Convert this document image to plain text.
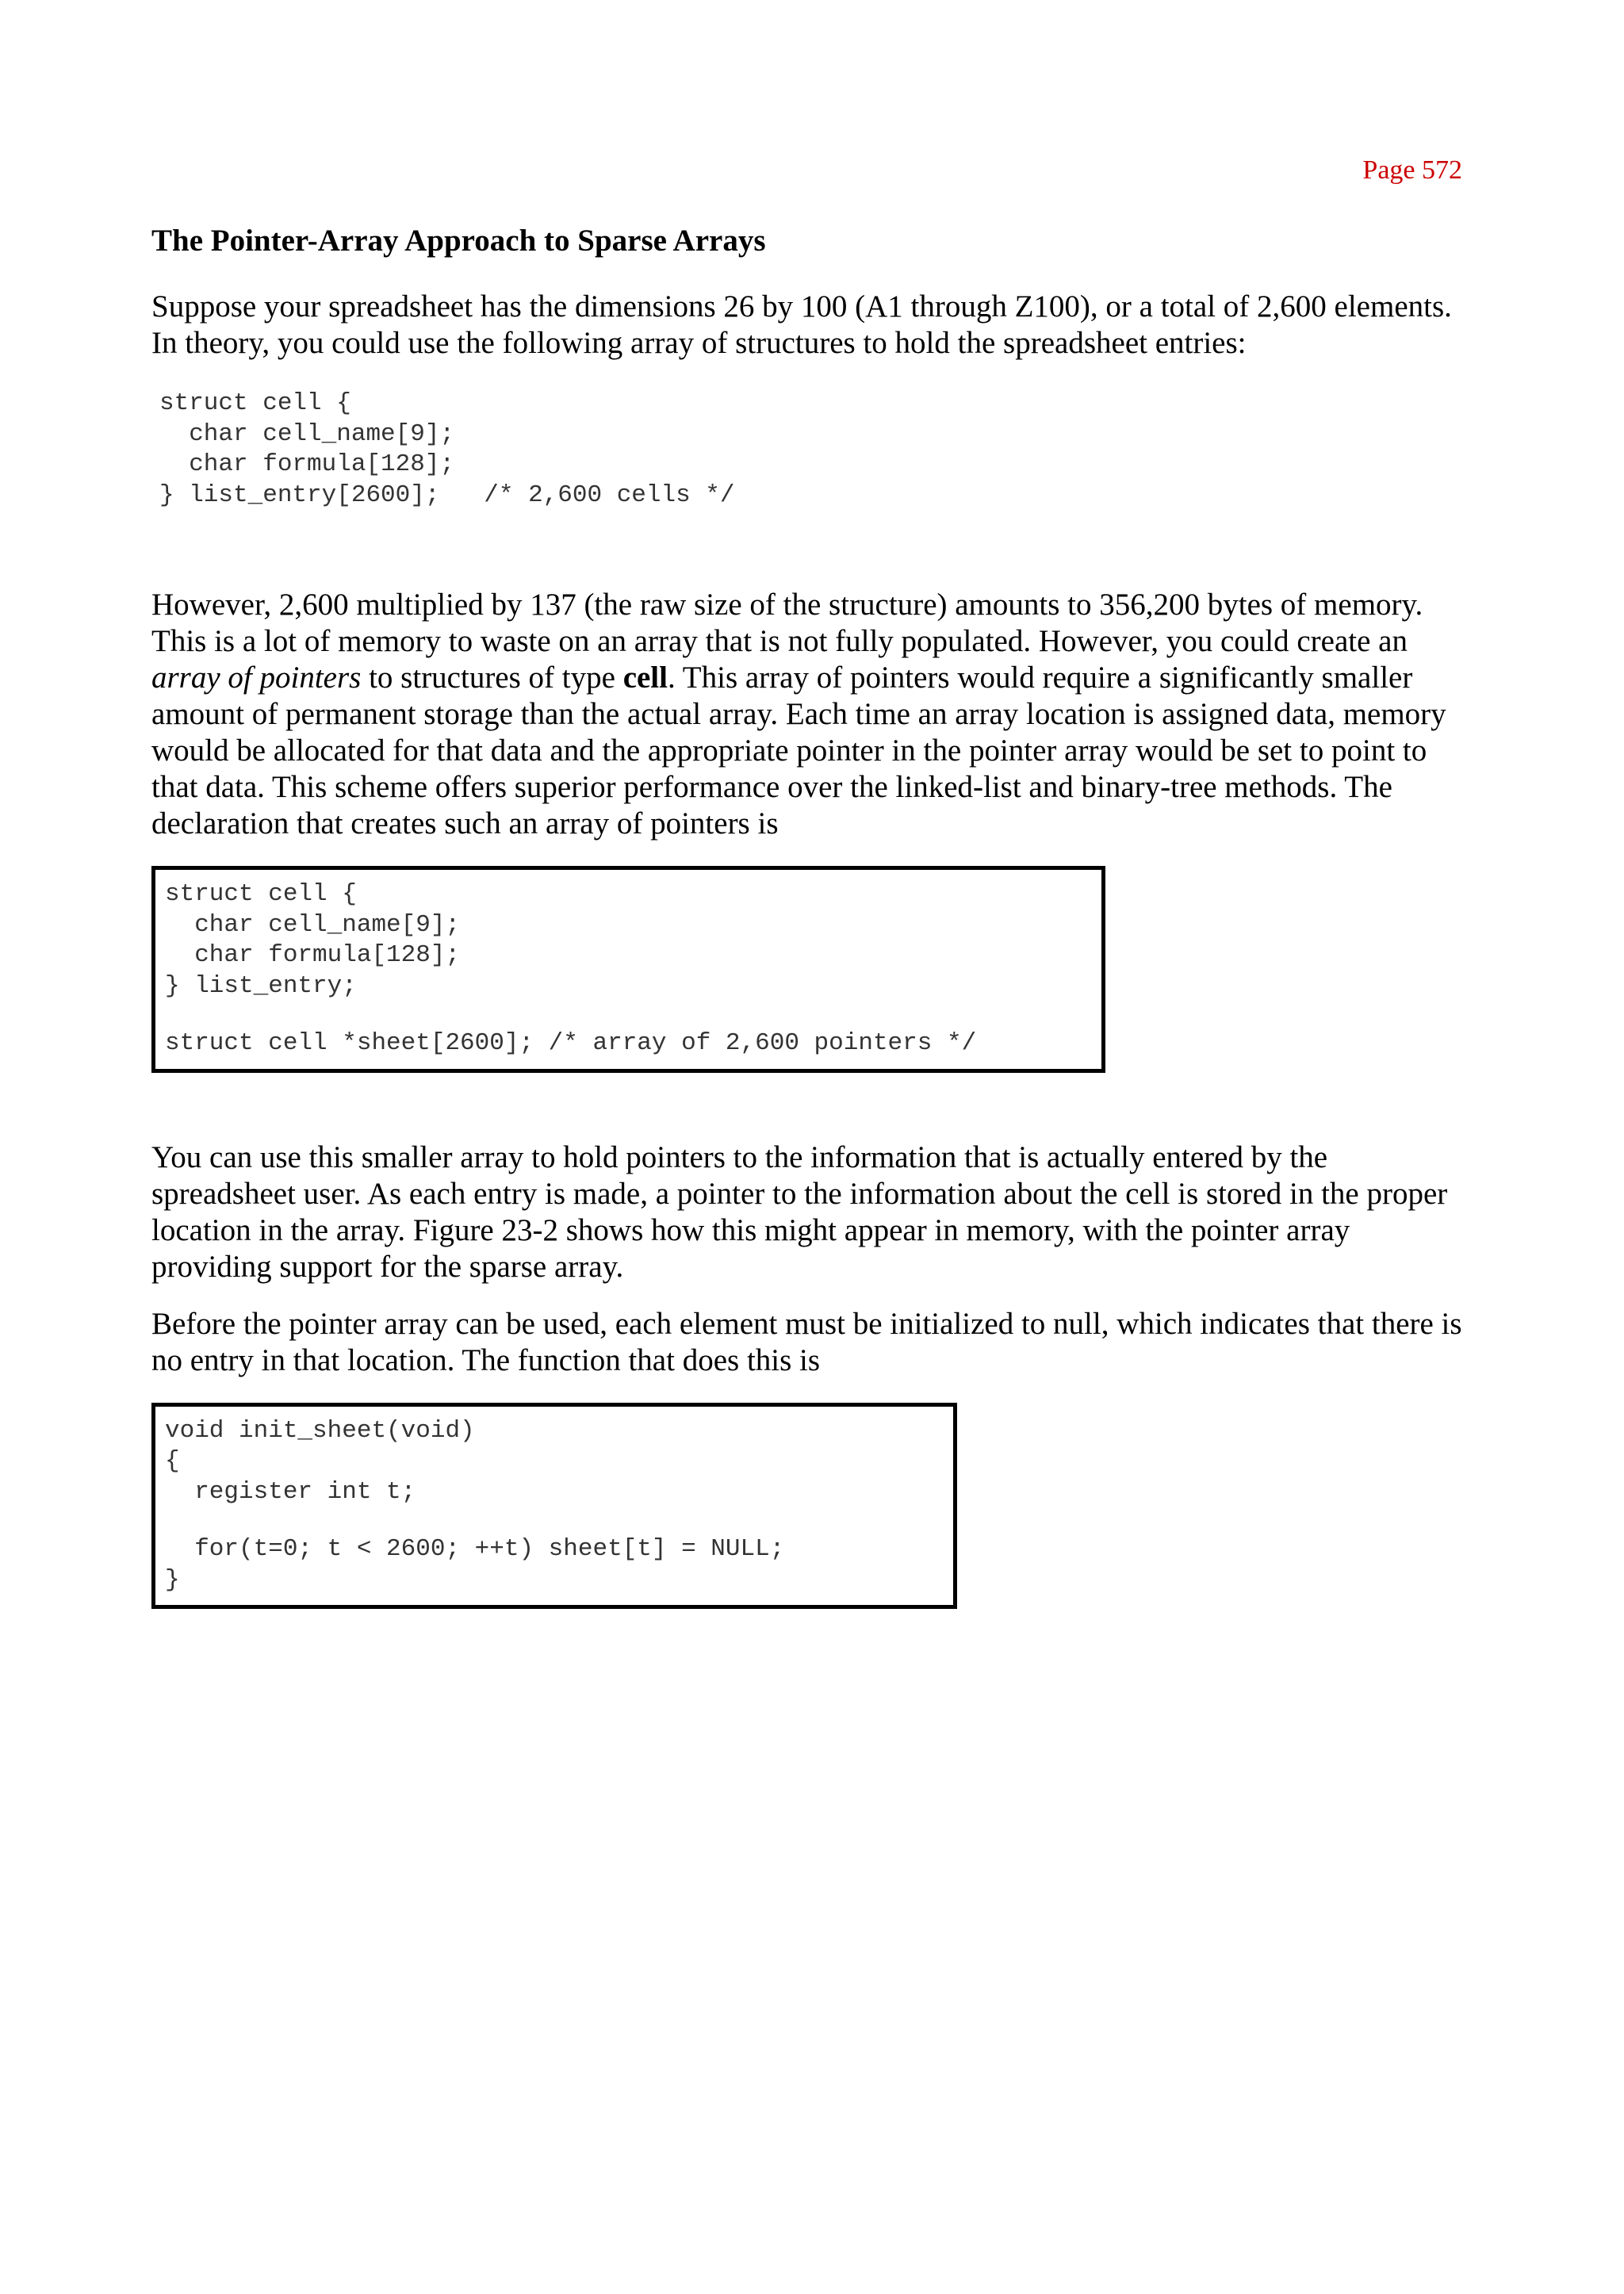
Page 572
The Pointer-Array Approach to Sparse Arrays

Suppose your spreadsheet has the dimensions 26 by 100 (A1 through Z100), or a total of 2,600 elements. In theory, you could use the following array of structures to hold the spreadsheet entries:

struct cell {
char cell_name[9];
char formula[128];
} list_entry[2600];   /* 2,600 cells */

However, 2,600 multiplied by 137 (the raw size of the structure) amounts to 356,200 bytes of memory. This is a lot of memory to waste on an array that is not fully populated. However, you could create an array of pointers to structures of type cell. This array of pointers would require a significantly smaller amount of permanent storage than the actual array. Each time an array location is assigned data, memory would be allocated for that data and the appropriate pointer in the pointer array would be set to point to that data. This scheme offers superior performance over the linked-list and binary-tree methods. The declaration that creates such an array of pointers is

struct cell {
char cell_name[9];
char formula[128];
} list_entry;
struct cell *sheet[2600]; /* array of 2,600 pointers */

You can use this smaller array to hold pointers to the information that is actually entered by the spreadsheet user. As each entry is made, a pointer to the information about the cell is stored in the proper location in the array. Figure 23-2 shows how this might appear in memory, with the pointer array providing support for the sparse array.

Before the pointer array can be used, each element must be initialized to null, which indicates that there is no entry in that location. The function that does this is

void init_sheet(void)
{
register int t;
for(t=0; t < 2600; ++t) sheet[t] = NULL;
}
